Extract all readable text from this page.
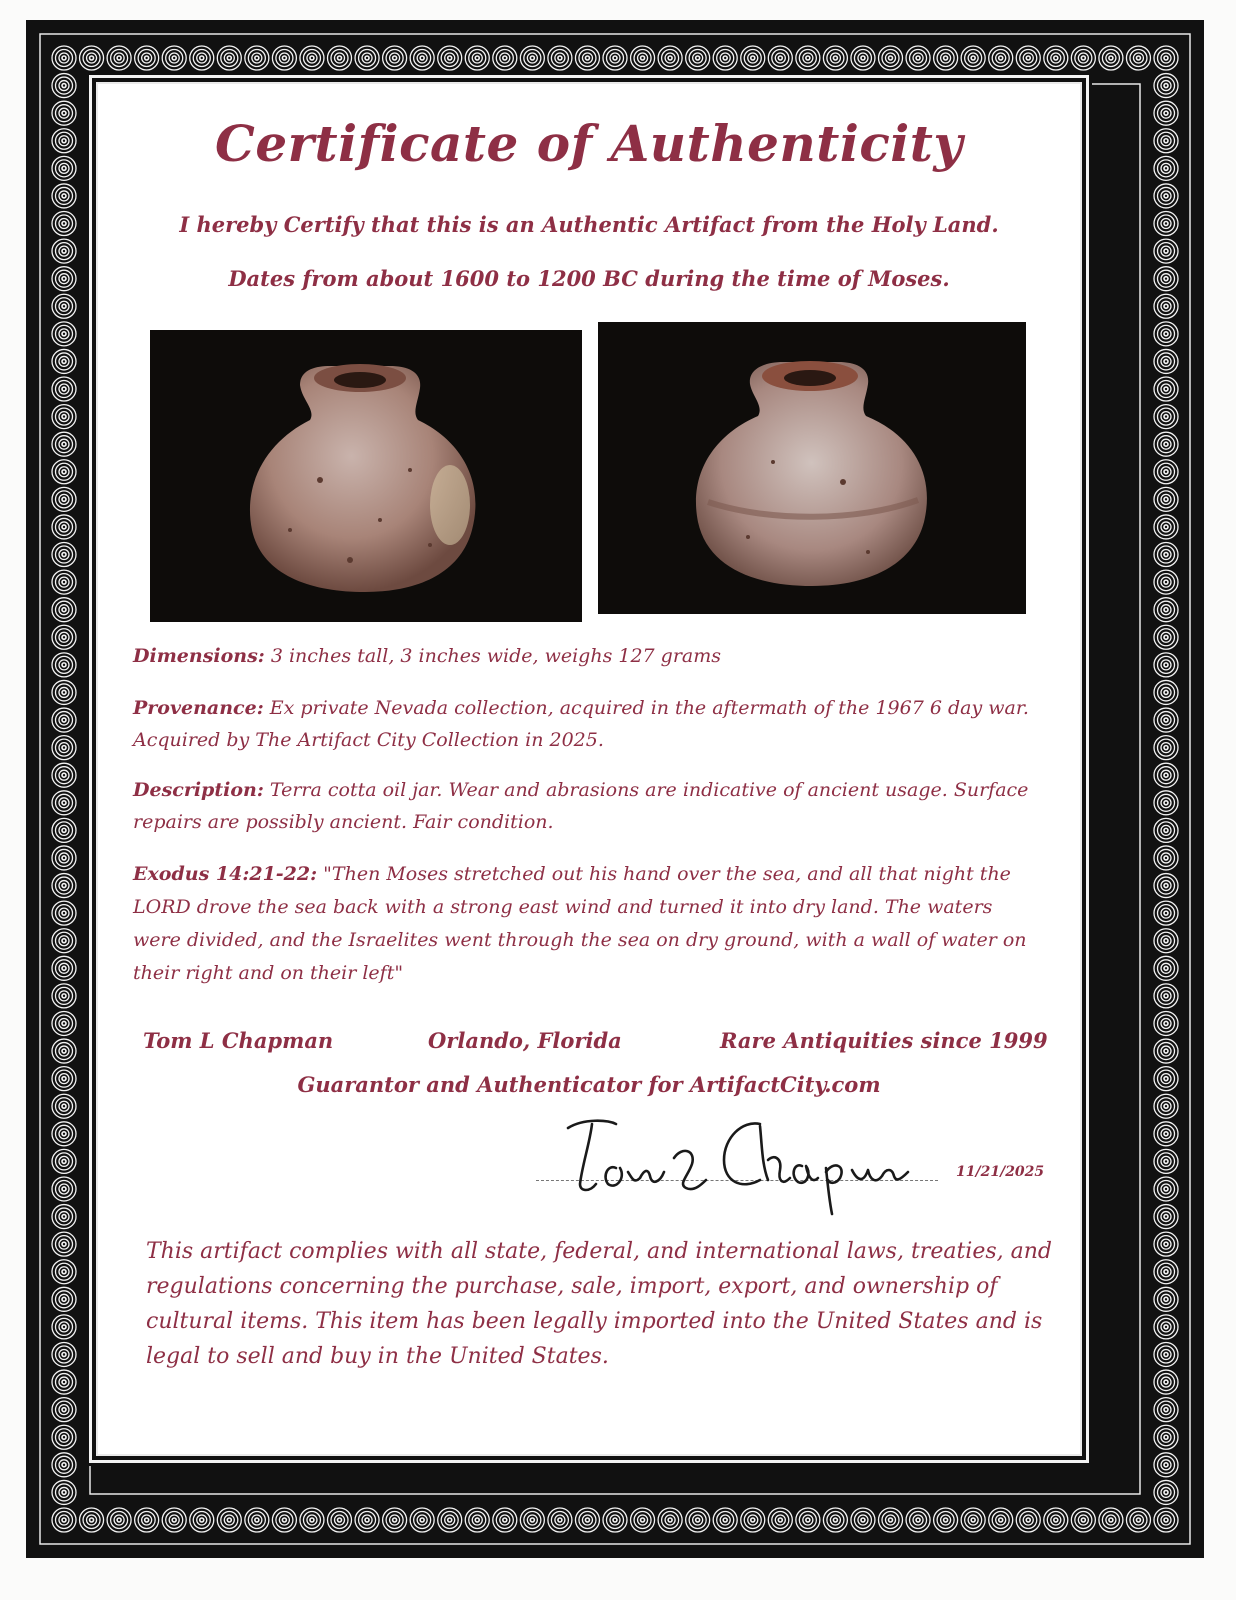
Certificate of Authenticity

I hereby Certify that this is an Authentic Artifact from the Holy Land.

Dates from about 1600 to 1200 BC during the time of Moses.

Dimensions: 3 inches tall, 3 inches wide, weighs 127 grams

Provenance: Ex private Nevada collection, acquired in the aftermath of the 1967 6 day war. Acquired by The Artifact City Collection in 2025.

Description: Terra cotta oil jar. Wear and abrasions are indicative of ancient usage. Surface repairs are possibly ancient. Fair condition.

Exodus 14:21-22: "Then Moses stretched out his hand over the sea, and all that night the LORD drove the sea back with a strong east wind and turned it into dry land. The waters were divided, and the Israelites went through the sea on dry ground, with a wall of water on their right and on their left"

Tom L Chapman	Orlando, Florida	Rare Antiquities since 1999

Guarantor and Authenticator for ArtifactCity.com

11/21/2025

This artifact complies with all state, federal, and international laws, treaties, and regulations concerning the purchase, sale, import, export, and ownership of cultural items. This item has been legally imported into the United States and is legal to sell and buy in the United States.
